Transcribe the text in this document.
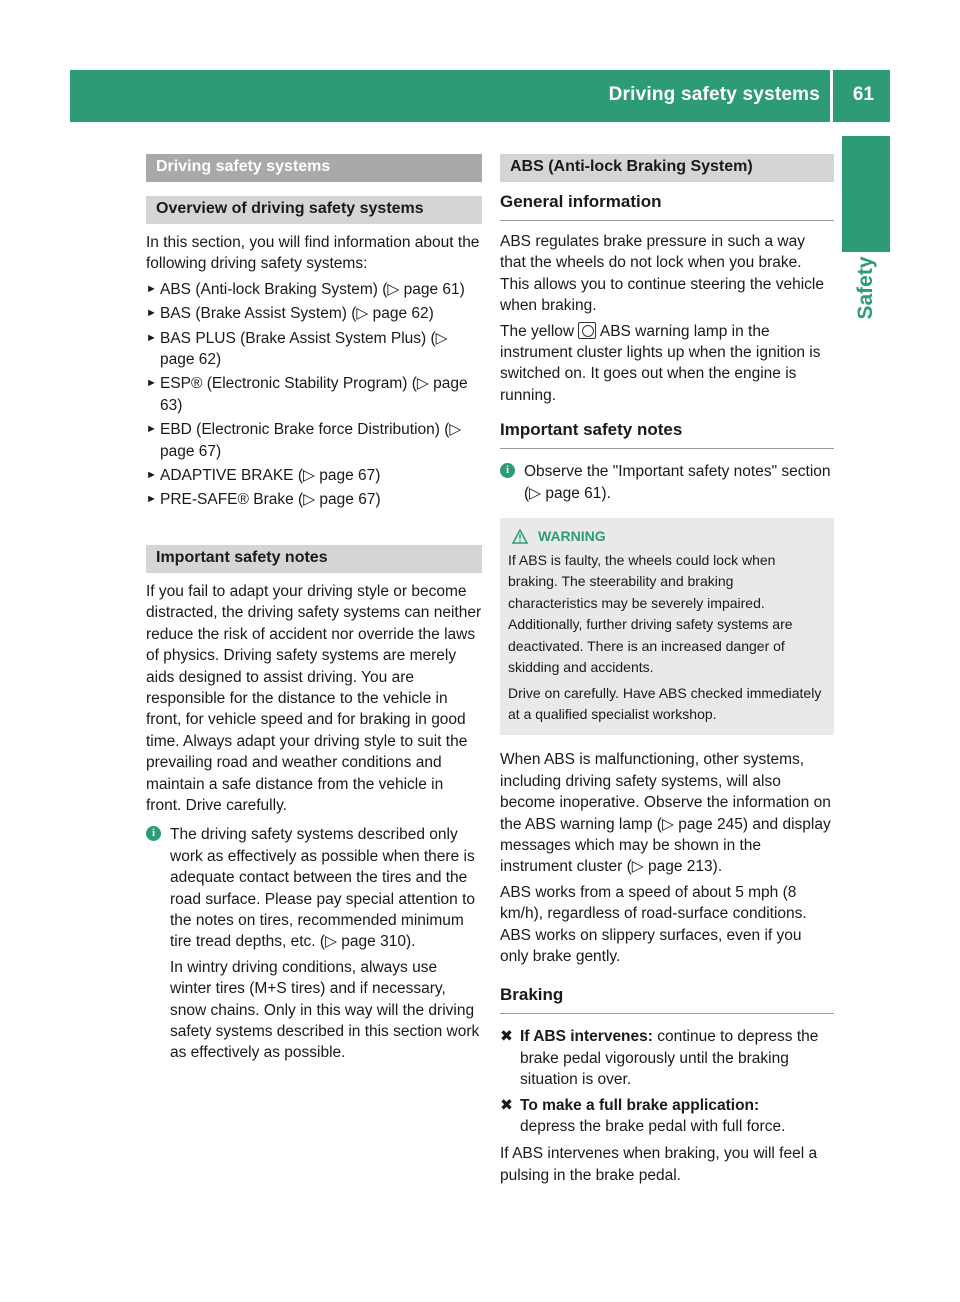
Driving safety systems 61
Safety
Driving safety systems
Overview of driving safety systems

In this section, you will find information about the following driving safety systems:

► ABS (Anti-lock Braking System) (▷ page 61)
► BAS (Brake Assist System) (▷ page 62)
► BAS PLUS (Brake Assist System Plus) (▷ page 62)
► ESP® (Electronic Stability Program) (▷ page 63)
► EBD (Electronic Brake force Distribution) (▷ page 67)
► ADAPTIVE BRAKE (▷ page 67)
► PRE-SAFE® Brake (▷ page 67)
Important safety notes

If you fail to adapt your driving style or become distracted, the driving safety systems can neither reduce the risk of accident nor override the laws of physics. Driving safety systems are merely aids designed to assist driving. You are responsible for the distance to the vehicle in front, for vehicle speed and for braking in good time. Always adapt your driving style to suit the prevailing road and weather conditions and maintain a safe distance from the vehicle in front. Drive carefully.

i The driving safety systems described only work as effectively as possible when there is adequate contact between the tires and the road surface. Please pay special attention to the notes on tires, recommended minimum tire tread depths, etc. (▷ page 310).

In wintry driving conditions, always use winter tires (M+S tires) and if necessary, snow chains. Only in this way will the driving safety systems described in this section work as effectively as possible.

ABS (Anti-lock Braking System)
General information

ABS regulates brake pressure in such a way that the wheels do not lock when you brake. This allows you to continue steering the vehicle when braking.

The yellow ABS warning lamp in the instrument cluster lights up when the ignition is switched on. It goes out when the engine is running.

Important safety notes
i Observe the "Important safety notes" section (▷ page 61).

WARNING

If ABS is faulty, the wheels could lock when braking. The steerability and braking characteristics may be severely impaired. Additionally, further driving safety systems are deactivated. There is an increased danger of skidding and accidents.

Drive on carefully. Have ABS checked immediately at a qualified specialist workshop.

When ABS is malfunctioning, other systems, including driving safety systems, will also become inoperative. Observe the information on the ABS warning lamp (▷ page 245) and display messages which may be shown in the instrument cluster (▷ page 213).

ABS works from a speed of about 5 mph (8 km/h), regardless of road-surface conditions. ABS works on slippery surfaces, even if you only brake gently.

Braking
✖ If ABS intervenes: continue to depress the brake pedal vigorously until the braking situation is over.
✖ To make a full brake application:
depress the brake pedal with full force.

If ABS intervenes when braking, you will feel a pulsing in the brake pedal.
